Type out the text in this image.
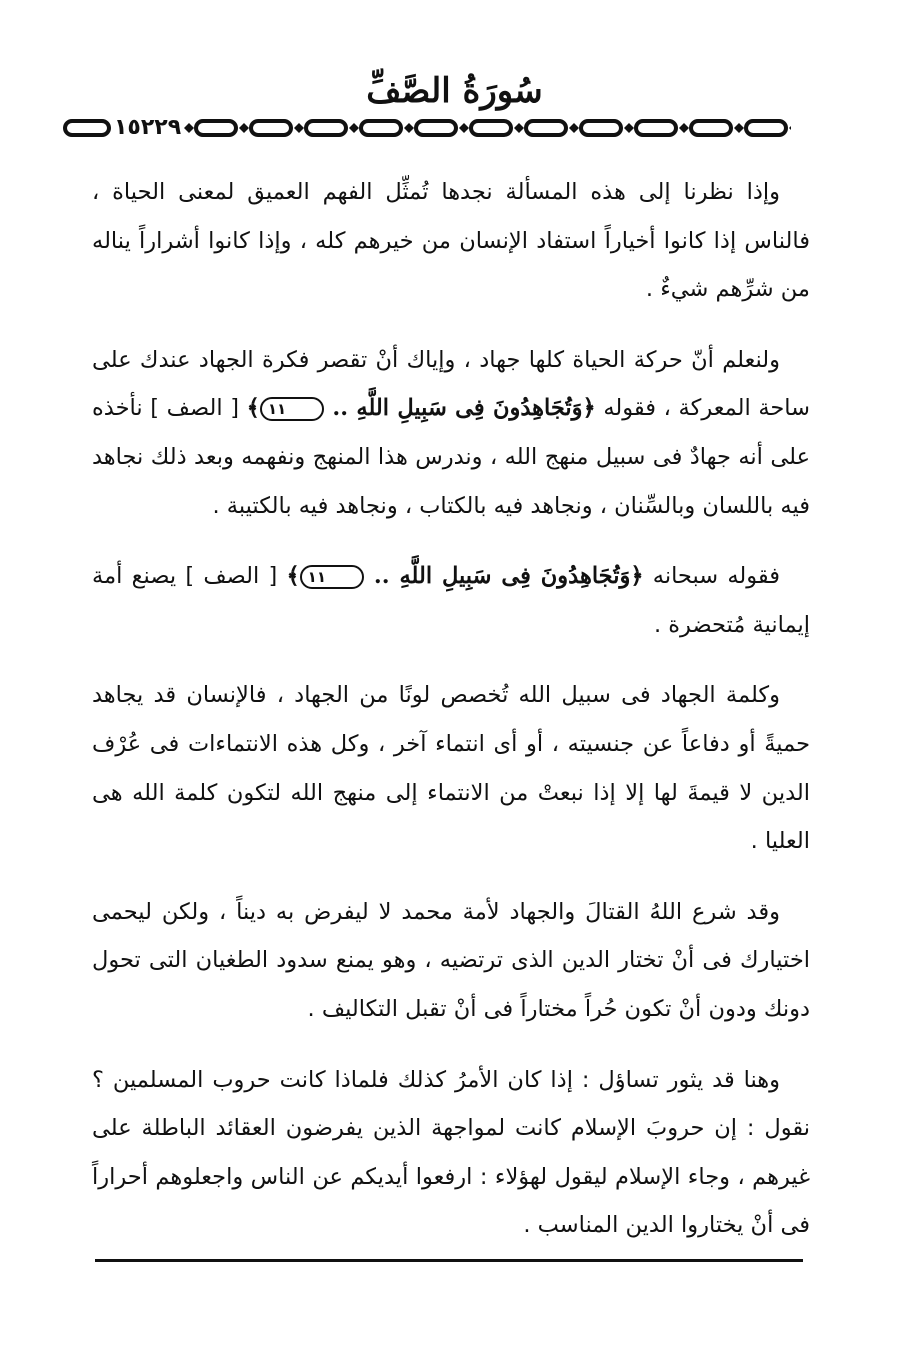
سُورَةُ الصَّفِّ
١٥٢٢٩

وإذا نظرنا إلى هذه المسألة نجدها تُمثِّل الفهم العميق لمعنى الحياة ، فالناس إذا كانوا أخياراً استفاد الإنسان من خيرهم كله ، وإذا كانوا أشراراً يناله من شرِّهم شيءٌ .

ولنعلم أنّ حركة الحياة كلها جهاد ، وإياك أنْ تقصر فكرة الجهاد عندك على ساحة المعركة ، فقوله ﴿وَتُجَاهِدُونَ فِى سَبِيلِ اللَّهِ .. ١١﴾ [ الصف ] نأخذه على أنه جهادٌ فى سبيل منهج الله ، وندرس هذا المنهج ونفهمه وبعد ذلك نجاهد فيه باللسان وبالسِّنان ، ونجاهد فيه بالكتاب ، ونجاهد فيه بالكتيبة .

فقوله سبحانه ﴿وَتُجَاهِدُونَ فِى سَبِيلِ اللَّهِ .. ١١﴾ [ الصف ] يصنع أمة إيمانية مُتحضرة .

وكلمة الجهاد فى سبيل الله تُخصص لونًا من الجهاد ، فالإنسان قد يجاهد حميةً أو دفاعاً عن جنسيته ، أو أى انتماء آخر ، وكل هذه الانتماءات فى عُرْف الدين لا قيمةَ لها إلا إذا نبعتْ من الانتماء إلى منهج الله لتكون كلمة الله هى العليا .

وقد شرع اللهُ القتالَ والجهاد لأمة محمد لا ليفرض به ديناً ، ولكن ليحمى اختيارك فى أنْ تختار الدين الذى ترتضيه ، وهو يمنع سدود الطغيان التى تحول دونك ودون أنْ تكون حُراً مختاراً فى أنْ تقبل التكاليف .

وهنا قد يثور تساؤل : إذا كان الأمرُ كذلك فلماذا كانت حروب المسلمين ؟ نقول : إن حروبَ الإسلام كانت لمواجهة الذين يفرضون العقائد الباطلة على غيرهم ، وجاء الإسلام ليقول لهؤلاء : ارفعوا أيديكم عن الناس واجعلوهم أحراراً فى أنْ يختاروا الدين المناسب .
